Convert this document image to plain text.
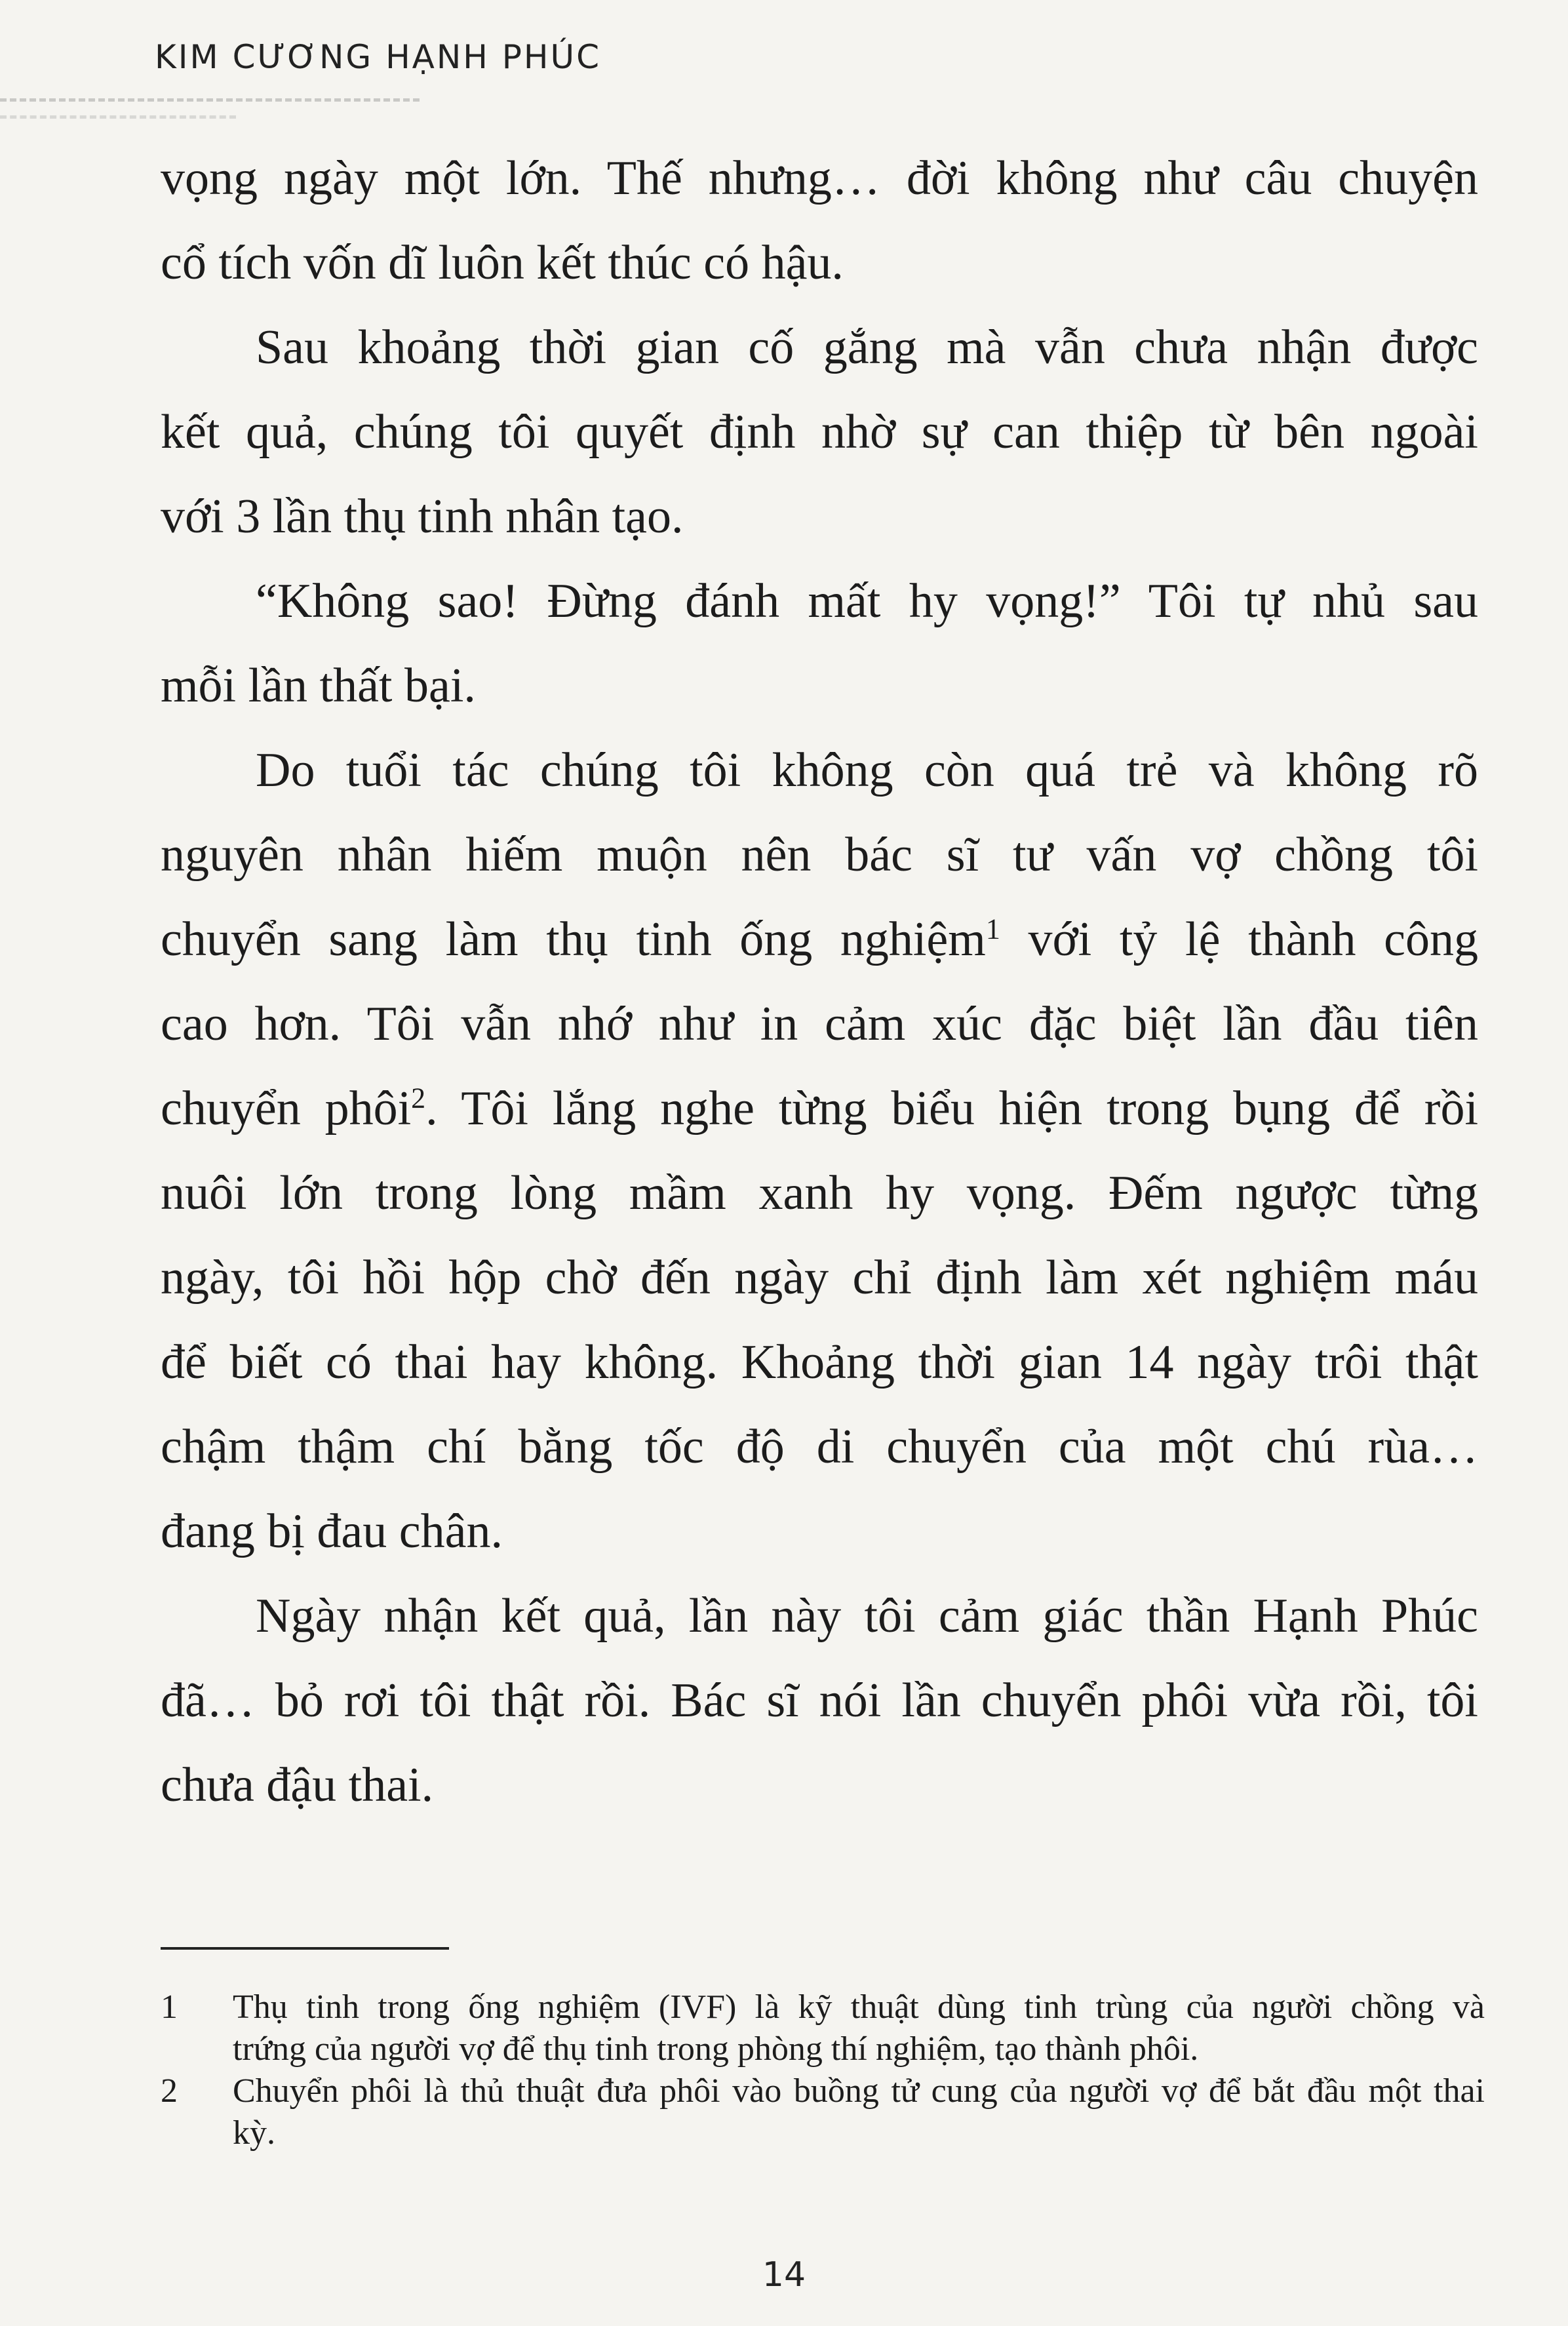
KIM CƯƠNG HẠNH PHÚC
vọng ngày một lớn. Thế nhưng… đời không như câu chuyện
cổ tích vốn dĩ luôn kết thúc có hậu.
Sau khoảng thời gian cố gắng mà vẫn chưa nhận được
kết quả, chúng tôi quyết định nhờ sự can thiệp từ bên ngoài
với 3 lần thụ tinh nhân tạo.
“Không sao! Đừng đánh mất hy vọng!” Tôi tự nhủ sau
mỗi lần thất bại.
Do tuổi tác chúng tôi không còn quá trẻ và không rõ
nguyên nhân hiếm muộn nên bác sĩ tư vấn vợ chồng tôi
chuyển sang làm thụ tinh ống nghiệm$^1$ với tỷ lệ thành công
cao hơn. Tôi vẫn nhớ như in cảm xúc đặc biệt lần đầu tiên
chuyển phôi$^2$. Tôi lắng nghe từng biểu hiện trong bụng để rồi
nuôi lớn trong lòng mầm xanh hy vọng. Đếm ngược từng
ngày, tôi hồi hộp chờ đến ngày chỉ định làm xét nghiệm máu
để biết có thai hay không. Khoảng thời gian 14 ngày trôi thật
chậm thậm chí bằng tốc độ di chuyển của một chú rùa…
đang bị đau chân.
Ngày nhận kết quả, lần này tôi cảm giác thần Hạnh Phúc
đã… bỏ rơi tôi thật rồi. Bác sĩ nói lần chuyển phôi vừa rồi, tôi
chưa đậu thai.
1	Thụ tinh trong ống nghiệm (IVF) là kỹ thuật dùng tinh trùng của người chồng và
trứng của người vợ để thụ tinh trong phòng thí nghiệm, tạo thành phôi.
2	Chuyển phôi là thủ thuật đưa phôi vào buồng tử cung của người vợ để bắt đầu một thai
kỳ.
14
